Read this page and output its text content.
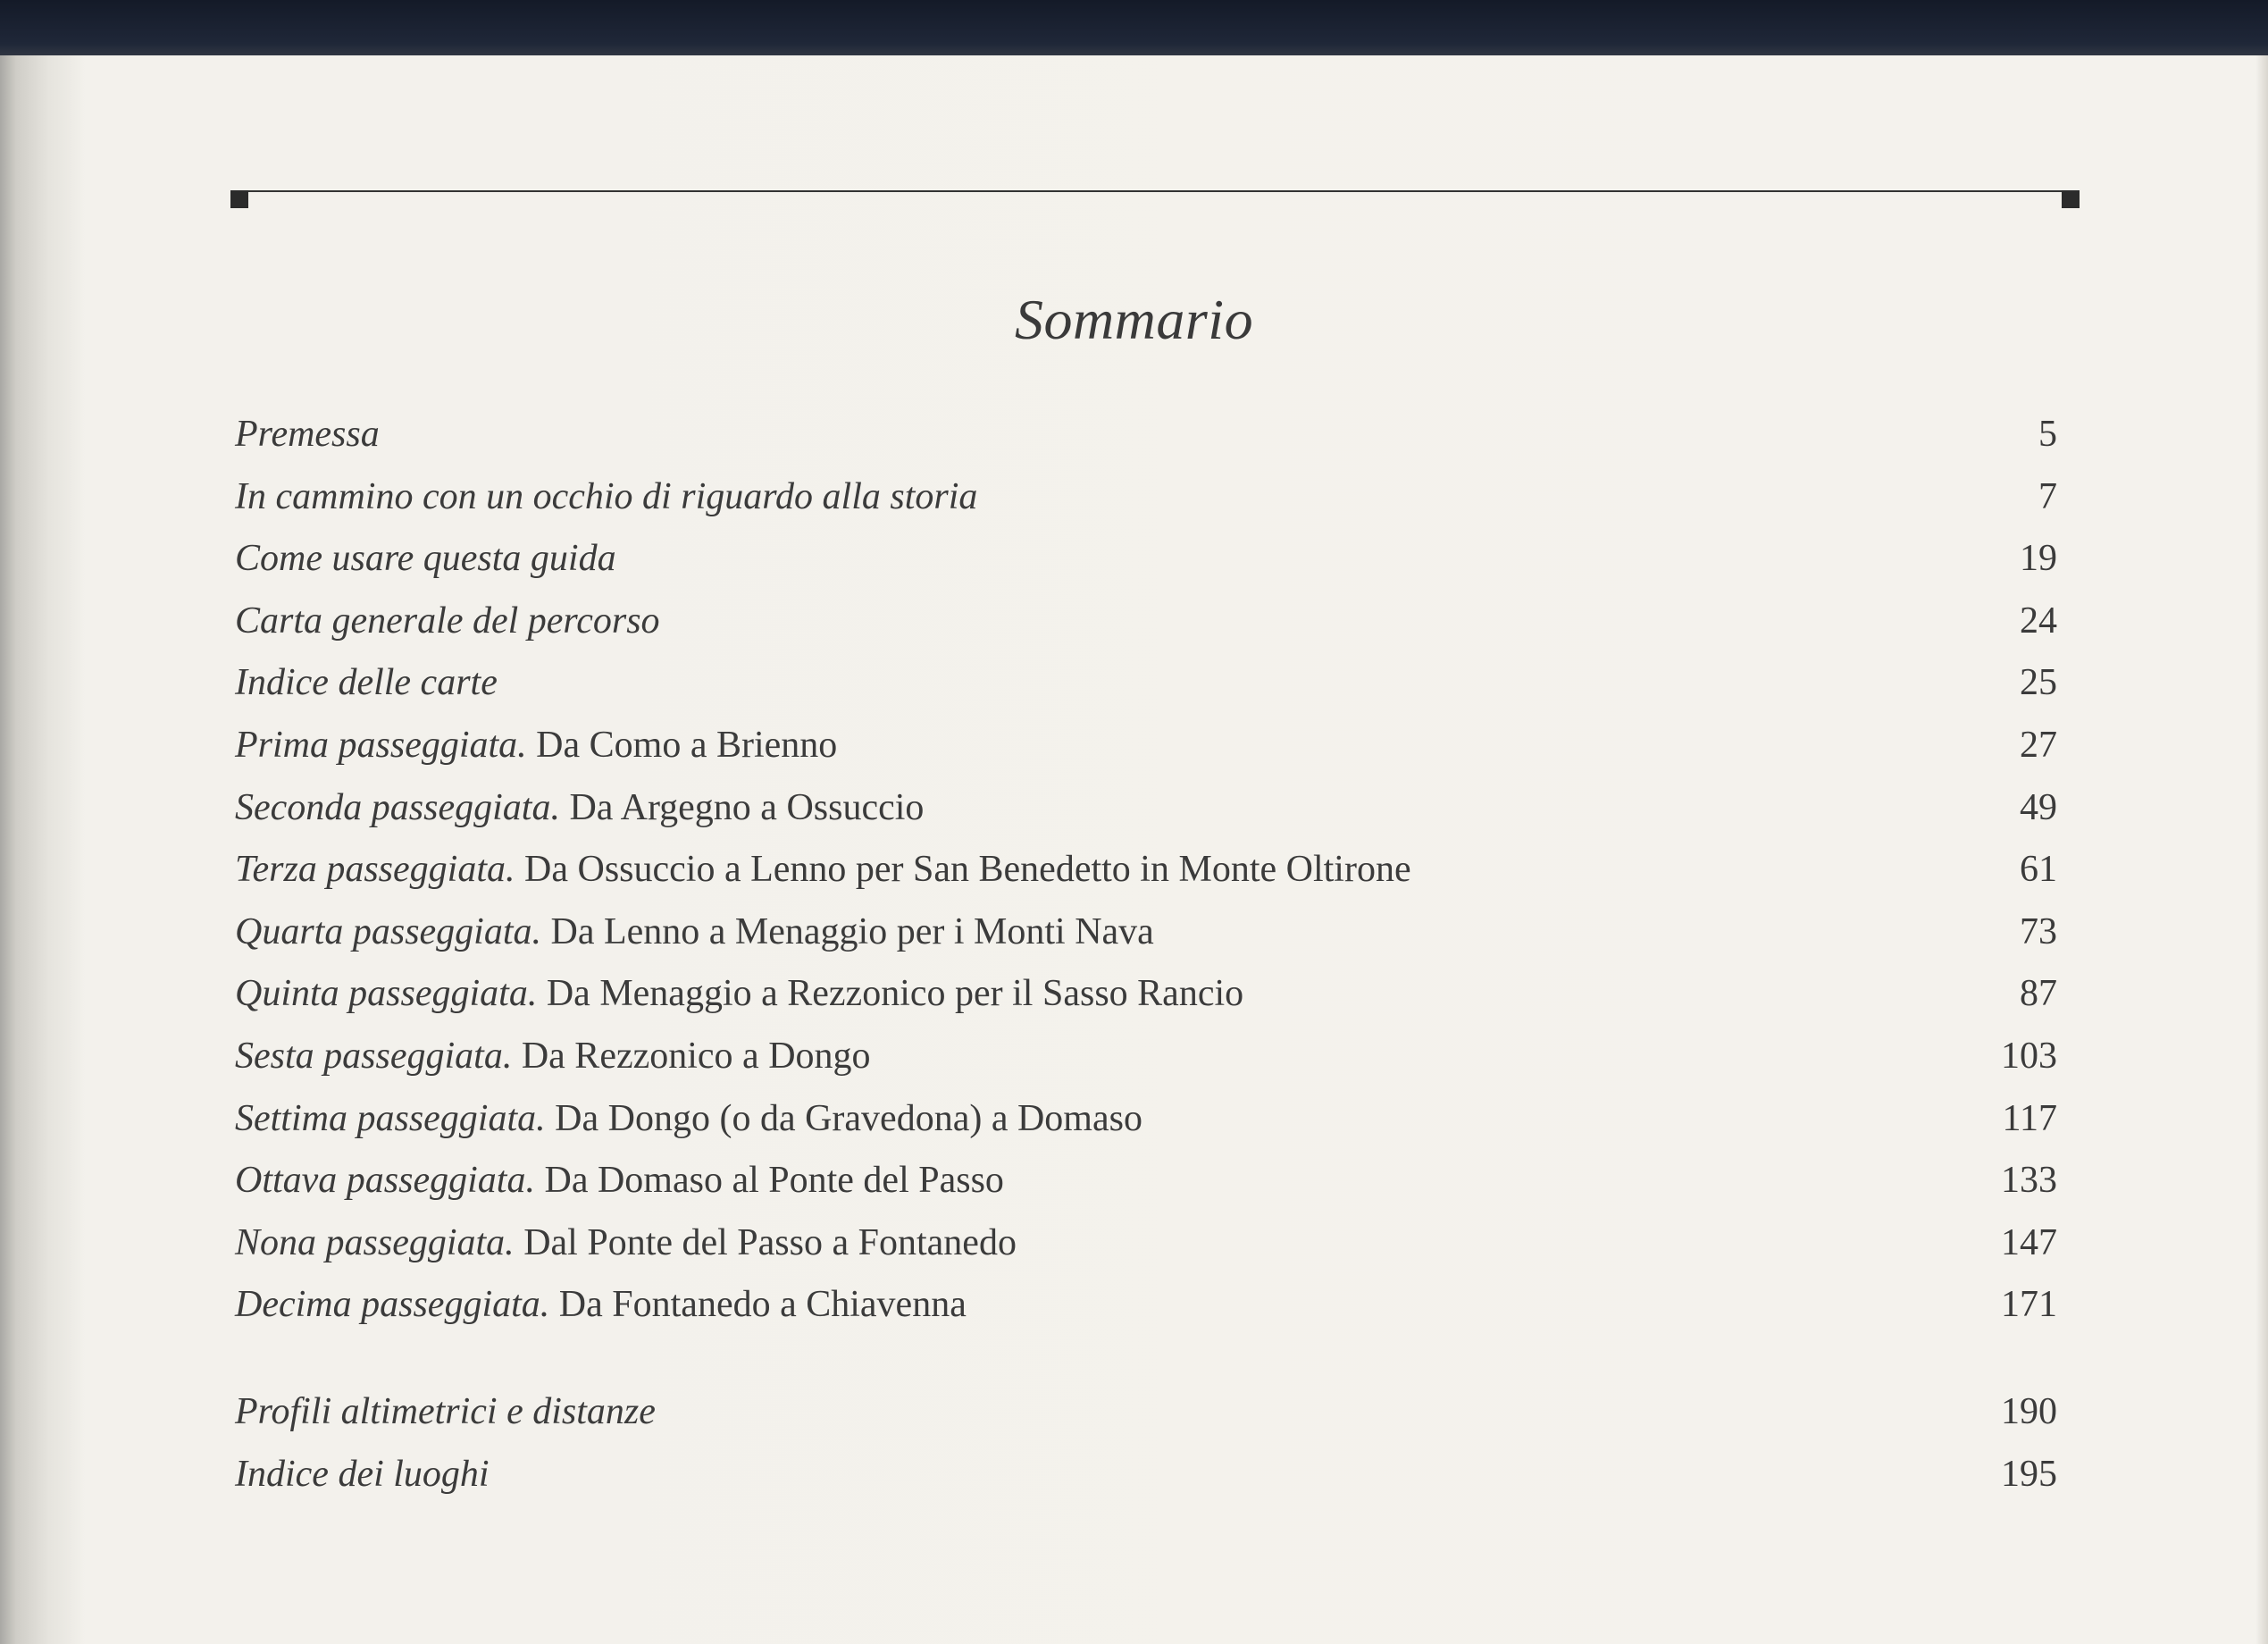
Sommario
Premessa	5
In cammino con un occhio di riguardo alla storia	7
Come usare questa guida	19
Carta generale del percorso	24
Indice delle carte	25
Prima passeggiata. Da Como a Brienno	27
Seconda passeggiata. Da Argegno a Ossuccio	49
Terza passeggiata. Da Ossuccio a Lenno per San Benedetto in Monte Oltirone	61
Quarta passeggiata. Da Lenno a Menaggio per i Monti Nava	73
Quinta passeggiata. Da Menaggio a Rezzonico per il Sasso Rancio	87
Sesta passeggiata. Da Rezzonico a Dongo	103
Settima passeggiata. Da Dongo (o da Gravedona) a Domaso	117
Ottava passeggiata. Da Domaso al Ponte del Passo	133
Nona passeggiata. Dal Ponte del Passo a Fontanedo	147
Decima passeggiata. Da Fontanedo a Chiavenna	171
Profili altimetrici e distanze	190
Indice dei luoghi	195
